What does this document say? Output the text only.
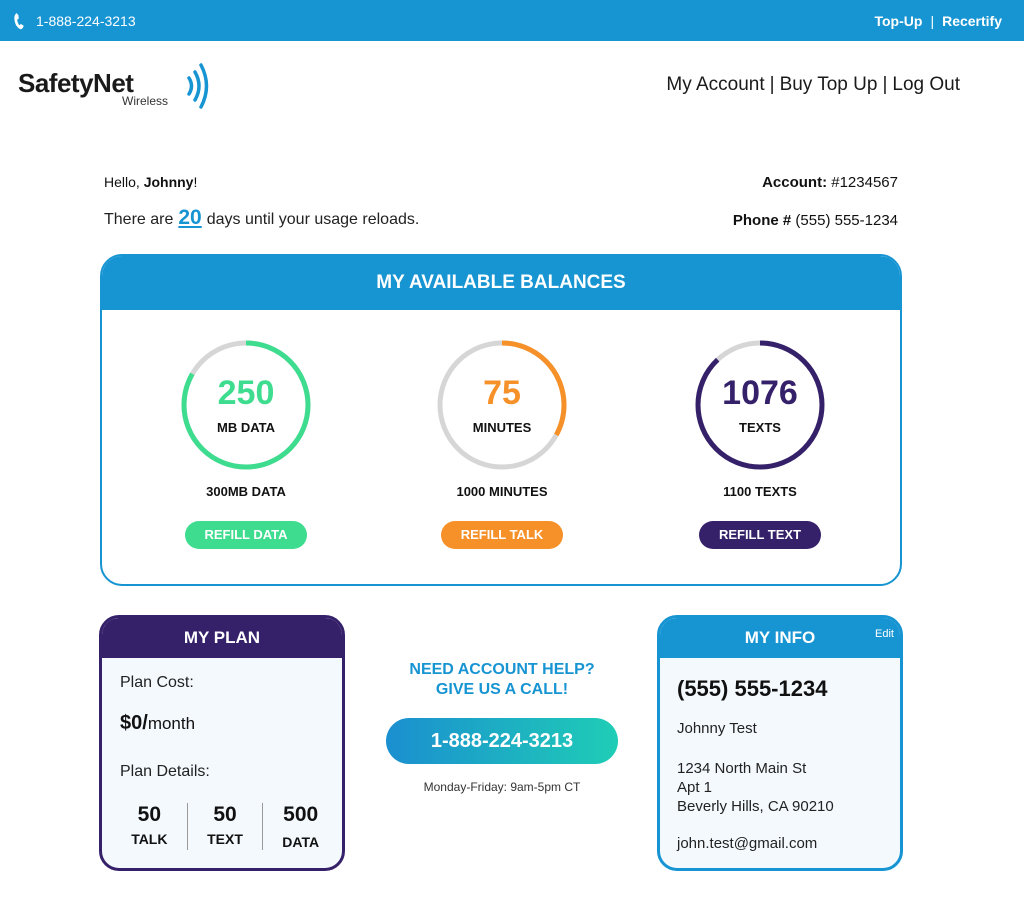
1-888-224-3213	Top-Up | Recertify
SafetyNet
Wireless
My Account | Buy Top Up | Log Out
Hello, Johnny!
There are 20 days until your usage reloads.
Account: #1234567
Phone # (555) 555-1234
MY AVAILABLE BALANCES
250
MB DATA
300MB DATA
REFILL DATA
75
MINUTES
1000 MINUTES
REFILL TALK
1076
TEXTS
1100 TEXTS
REFILL TEXT
MY PLAN
Plan Cost:
$0/month
Plan Details:
50
TALK
50
TEXT
500
DATA
NEED ACCOUNT HELP?
GIVE US A CALL!
1-888-224-3213
Monday-Friday: 9am-5pm CT
MY INFO	Edit
(555) 555-1234
Johnny Test
1234 North Main St
Apt 1
Beverly Hills, CA 90210
john.test@gmail.com
